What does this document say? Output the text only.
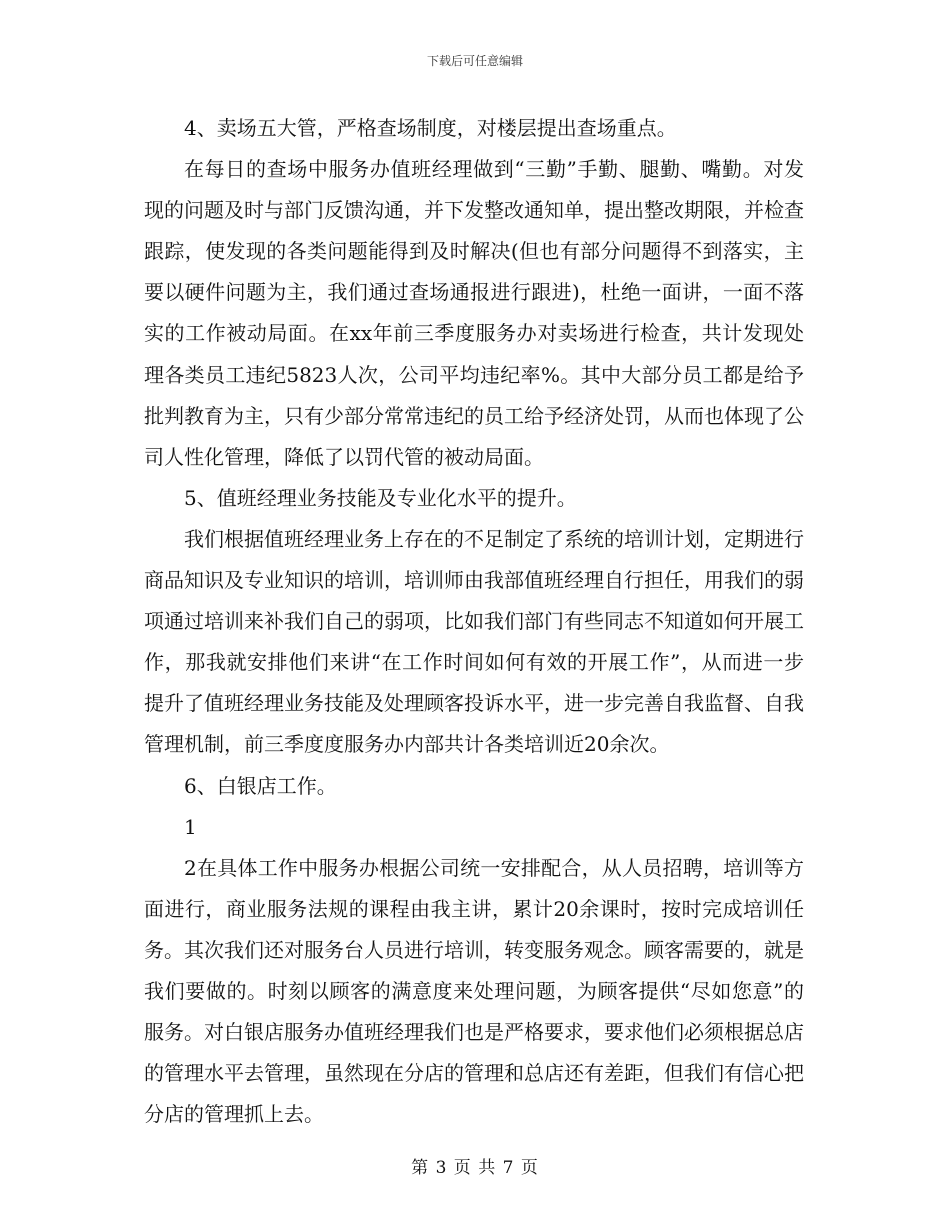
下载后可任意编辑

4、卖场五大管，严格查场制度，对楼层提出查场重点。

在每日的查场中服务办值班经理做到“三勤”手勤、腿勤、嘴勤。对发现的问题及时与部门反馈沟通，并下发整改通知单，提出整改期限，并检查跟踪，使发现的各类问题能得到及时解决(但也有部分问题得不到落实，主要以硬件问题为主，我们通过查场通报进行跟进)，杜绝一面讲，一面不落实的工作被动局面。在xx年前三季度服务办对卖场进行检查，共计发现处理各类员工违纪5823人次，公司平均违纪率%。其中大部分员工都是给予批判教育为主，只有少部分常常违纪的员工给予经济处罚，从而也体现了公司人性化管理，降低了以罚代管的被动局面。

5、值班经理业务技能及专业化水平的提升。

我们根据值班经理业务上存在的不足制定了系统的培训计划，定期进行商品知识及专业知识的培训，培训师由我部值班经理自行担任，用我们的弱项通过培训来补我们自己的弱项，比如我们部门有些同志不知道如何开展工作，那我就安排他们来讲“在工作时间如何有效的开展工作”，从而进一步提升了值班经理业务技能及处理顾客投诉水平，进一步完善自我监督、自我管理机制，前三季度度服务办内部共计各类培训近20余次。

6、白银店工作。

1

2在具体工作中服务办根据公司统一安排配合，从人员招聘，培训等方面进行，商业服务法规的课程由我主讲，累计20余课时，按时完成培训任务。其次我们还对服务台人员进行培训，转变服务观念。顾客需要的，就是我们要做的。时刻以顾客的满意度来处理问题，为顾客提供“尽如您意”的服务。对白银店服务办值班经理我们也是严格要求，要求他们必须根据总店的管理水平去管理，虽然现在分店的管理和总店还有差距，但我们有信心把分店的管理抓上去。

第 3 页 共 7 页
